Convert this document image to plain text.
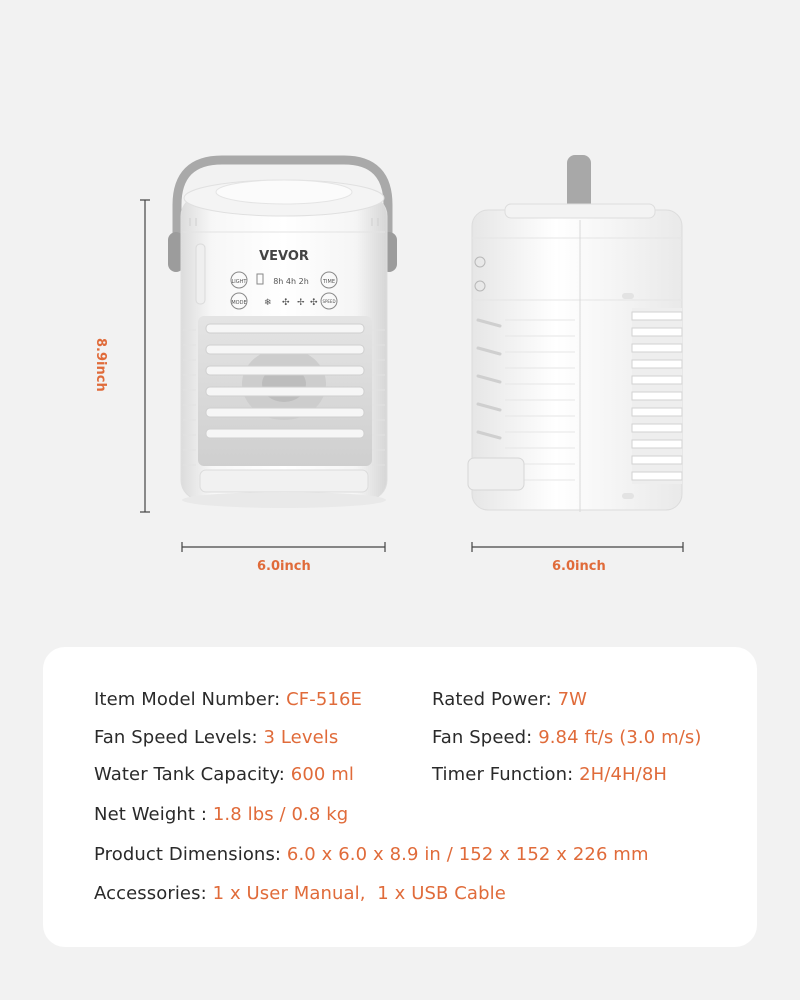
VEVOR
LIGHT	8h 4h 2h	TIME
MODE ❄ ✣ ✢ ✣ SPEED
8.9inch
6.0inch	6.0inch
Item Model Number: CF-516E	Rated Power: 7W
Fan Speed Levels: 3 Levels	Fan Speed: 9.84 ft/s (3.0 m/s)
Water Tank Capacity: 600 ml	Timer Function: 2H/4H/8H
Net Weight : 1.8 lbs / 0.8 kg
Product Dimensions: 6.0 x 6.0 x 8.9 in / 152 x 152 x 226 mm
Accessories: 1 x User Manual,  1 x USB Cable
